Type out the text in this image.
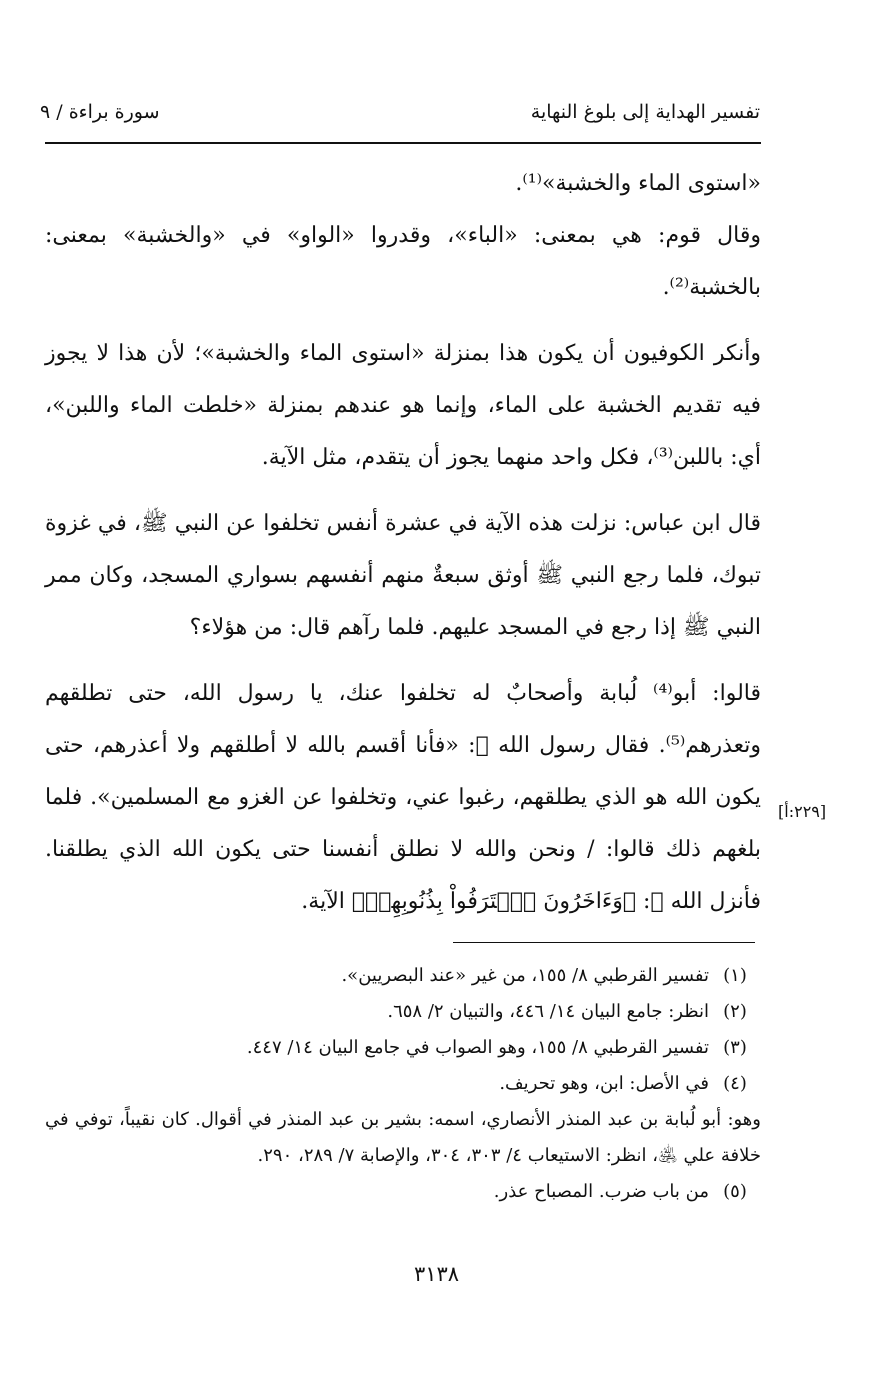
تفسير الهداية إلى بلوغ النهاية
سورة براءة / ٩

«استوى الماء والخشبة»⁽¹⁾.

وقال قوم: هي بمعنى: «الباء»، وقدروا «الواو» في «والخشبة» بمعنى: بالخشبة⁽²⁾.

وأنكر الكوفيون أن يكون هذا بمنزلة «استوى الماء والخشبة»؛ لأن هذا لا يجوز فيه تقديم الخشبة على الماء، وإنما هو عندهم بمنزلة «خلطت الماء واللبن»، أي: باللبن⁽³⁾، فكل واحد منهما يجوز أن يتقدم، مثل الآية.

قال ابن عباس: نزلت هذه الآية في عشرة أنفس تخلفوا عن النبي ﷺ، في غزوة تبوك، فلما رجع النبي ﷺ أوثق سبعةٌ منهم أنفسهم بسواري المسجد، وكان ممر النبي ﷺ إذا رجع في المسجد عليهم. فلما رآهم قال: من هؤلاء؟

قالوا: أبو⁽⁴⁾ لُبابة وأصحابٌ له تخلفوا عنك، يا رسول الله، حتى تطلقهم وتعذرهم⁽⁵⁾. فقال رسول الله ﷺ: «فأنا أقسم بالله لا أطلقهم ولا أعذرهم، حتى يكون الله هو الذي يطلقهم، رغبوا عني، وتخلفوا عن الغزو مع المسلمين». فلما بلغهم ذلك قالوا: / ونحن والله لا نطلق أنفسنا حتى يكون الله الذي يطلقنا. فأنزل الله ﷻ: ﴿وَءَاخَرُونَ ٱعۡتَرَفُواْ بِذُنُوبِهِمۡ﴾ الآية.

[٢٢٩:أ]
(١)
تفسير القرطبي ٨/ ١٥٥، من غير «عند البصريين».
(٢)
انظر: جامع البيان ١٤/ ٤٤٦، والتبيان ٢/ ٦٥٨.
(٣)
تفسير القرطبي ٨/ ١٥٥، وهو الصواب في جامع البيان ١٤/ ٤٤٧.
(٤)
في الأصل: ابن، وهو تحريف.
وهو: أبو لُبابة بن عبد المنذر الأنصاري، اسمه: بشير بن عبد المنذر في أقوال. كان نقيباً، توفي في خلافة علي ﵁، انظر: الاستيعاب ٤/ ٣٠٣، ٣٠٤، والإصابة ٧/ ٢٨٩، ٢٩٠.
(٥)
من باب ضرب. المصباح عذر.
٣١٣٨
